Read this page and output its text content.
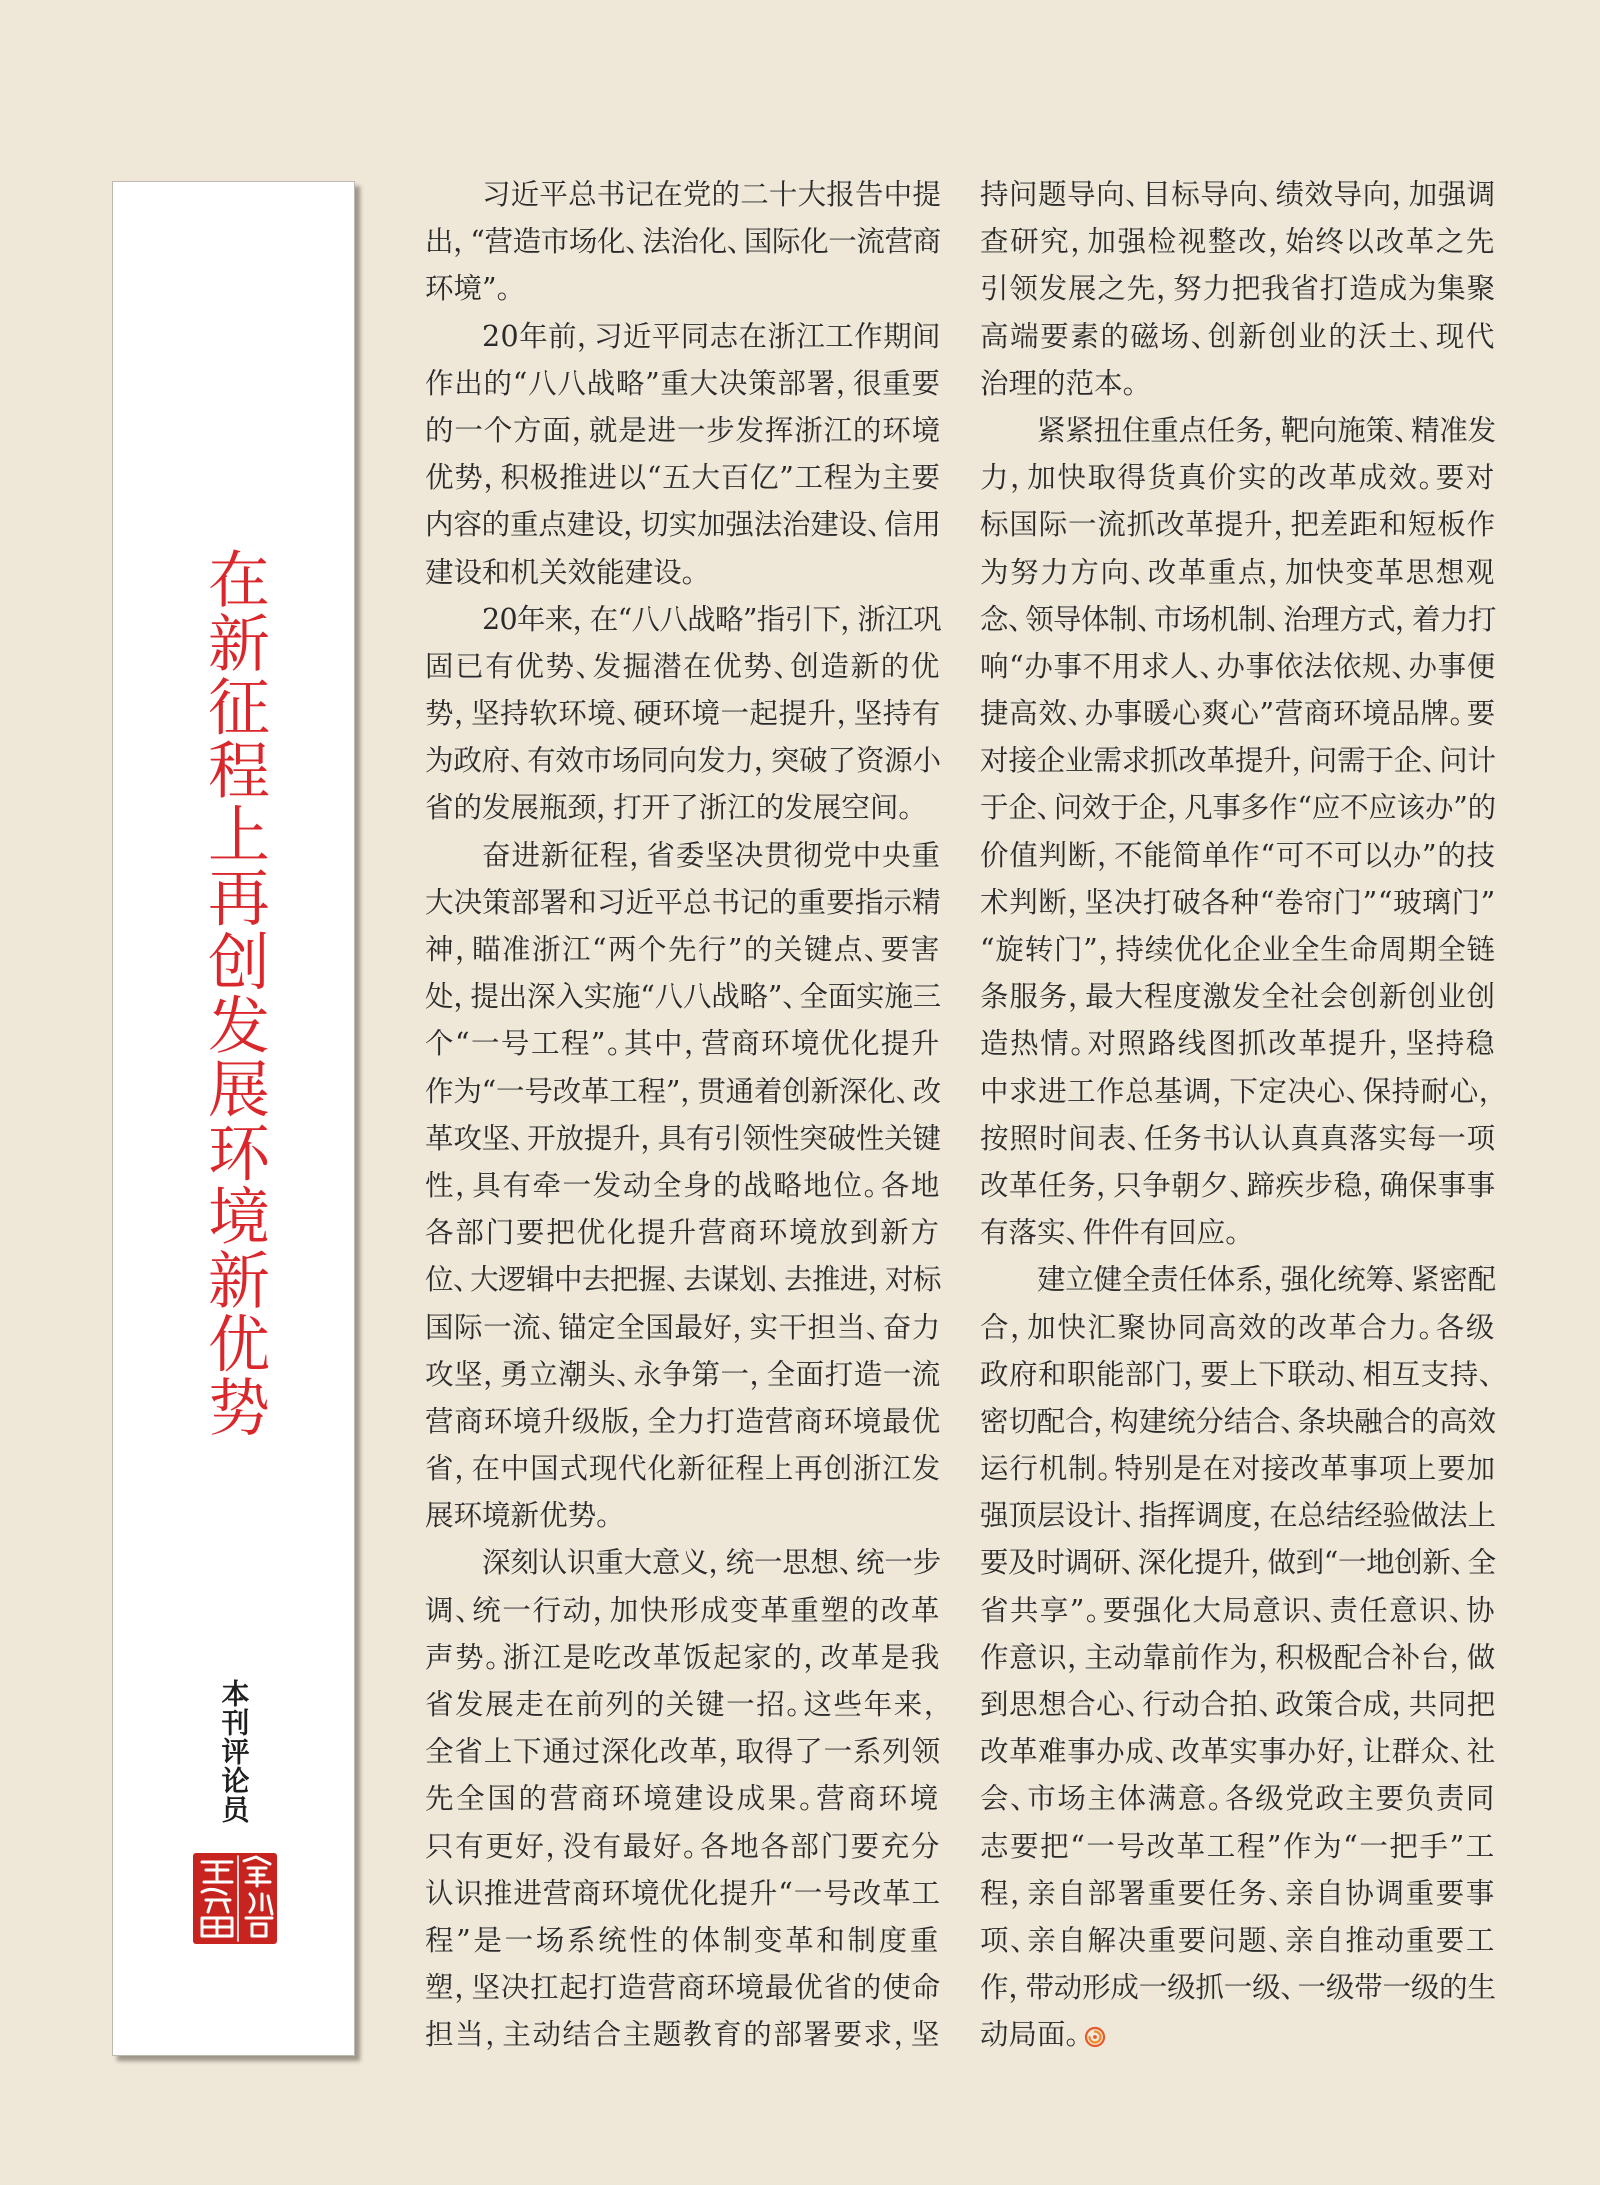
在新征程上再创发展环境新优势
本刊评论员
习近平总书记在党的二十大报告中提
出，“营造市场化、法治化、国际化一流营商
环境”。
20年前，习近平同志在浙江工作期间
作出的“八八战略”重大决策部署，很重要
的一个方面，就是进一步发挥浙江的环境
优势，积极推进以“五大百亿”工程为主要
内容的重点建设，切实加强法治建设、信用
建设和机关效能建设。
20年来，在“八八战略”指引下，浙江巩
固已有优势、发掘潜在优势、创造新的优
势，坚持软环境、硬环境一起提升，坚持有
为政府、有效市场同向发力，突破了资源小
省的发展瓶颈，打开了浙江的发展空间。
奋进新征程，省委坚决贯彻党中央重
大决策部署和习近平总书记的重要指示精
神，瞄准浙江“两个先行”的关键点、要害
处，提出深入实施“八八战略”、全面实施三
个“一号工程”。其中，营商环境优化提升
作为“一号改革工程”，贯通着创新深化、改
革攻坚、开放提升，具有引领性突破性关键
性，具有牵一发动全身的战略地位。各地
各部门要把优化提升营商环境放到新方
位、大逻辑中去把握、去谋划、去推进，对标
国际一流、锚定全国最好，实干担当、奋力
攻坚，勇立潮头、永争第一，全面打造一流
营商环境升级版，全力打造营商环境最优
省，在中国式现代化新征程上再创浙江发
展环境新优势。
深刻认识重大意义，统一思想、统一步
调、统一行动，加快形成变革重塑的改革
声势。浙江是吃改革饭起家的，改革是我
省发展走在前列的关键一招。这些年来，
全省上下通过深化改革，取得了一系列领
先全国的营商环境建设成果。营商环境
只有更好，没有最好。各地各部门要充分
认识推进营商环境优化提升“一号改革工
程”是一场系统性的体制变革和制度重
塑，坚决扛起打造营商环境最优省的使命
担当，主动结合主题教育的部署要求，坚
持问题导向、目标导向、绩效导向，加强调
查研究，加强检视整改，始终以改革之先
引领发展之先，努力把我省打造成为集聚
高端要素的磁场、创新创业的沃土、现代
治理的范本。
紧紧扭住重点任务，靶向施策、精准发
力，加快取得货真价实的改革成效。要对
标国际一流抓改革提升，把差距和短板作
为努力方向、改革重点，加快变革思想观
念、领导体制、市场机制、治理方式，着力打
响“办事不用求人、办事依法依规、办事便
捷高效、办事暖心爽心”营商环境品牌。要
对接企业需求抓改革提升，问需于企、问计
于企、问效于企，凡事多作“应不应该办”的
价值判断，不能简单作“可不可以办”的技
术判断，坚决打破各种“卷帘门”“玻璃门”
“旋转门”，持续优化企业全生命周期全链
条服务，最大程度激发全社会创新创业创
造热情。对照路线图抓改革提升，坚持稳
中求进工作总基调，下定决心、保持耐心，
按照时间表、任务书认认真真落实每一项
改革任务，只争朝夕、蹄疾步稳，确保事事
有落实、件件有回应。
建立健全责任体系，强化统筹、紧密配
合，加快汇聚协同高效的改革合力。各级
政府和职能部门，要上下联动、相互支持、
密切配合，构建统分结合、条块融合的高效
运行机制。特别是在对接改革事项上要加
强顶层设计、指挥调度，在总结经验做法上
要及时调研、深化提升，做到“一地创新、全
省共享”。要强化大局意识、责任意识、协
作意识，主动靠前作为，积极配合补台，做
到思想合心、行动合拍、政策合成，共同把
改革难事办成、改革实事办好，让群众、社
会、市场主体满意。各级党政主要负责同
志要把“一号改革工程”作为“一把手”工
程，亲自部署重要任务、亲自协调重要事
项、亲自解决重要问题、亲自推动重要工
作，带动形成一级抓一级、一级带一级的生
动局面。
